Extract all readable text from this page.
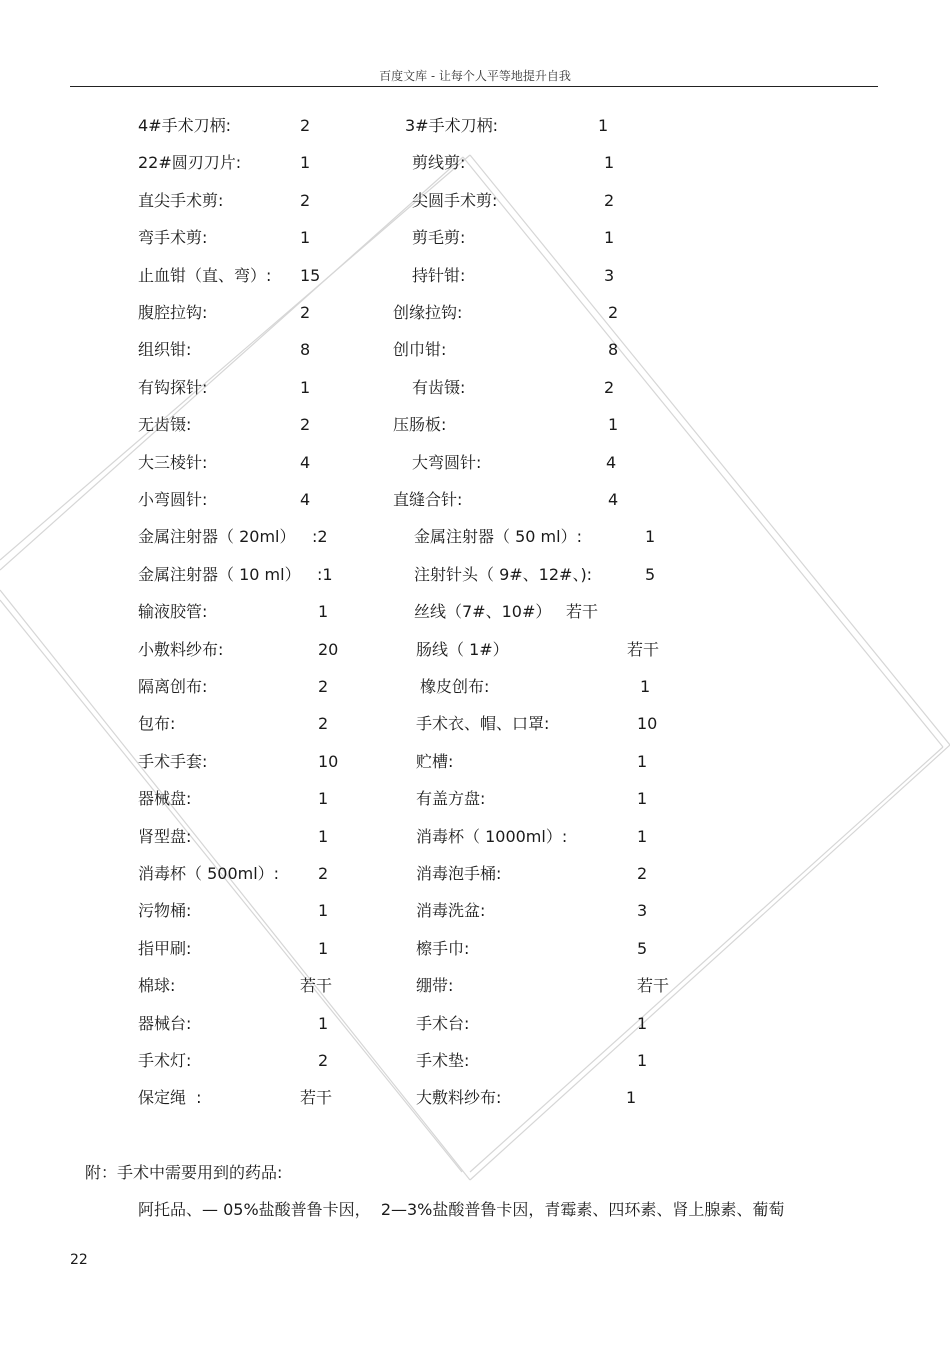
百度文库 - 让每个人平等地提升自我
4#手术刀柄:	2	3#手术刀柄:	1
22#圆刃刀片:	1	剪线剪:	1
直尖手术剪:	2	尖圆手术剪:	2
弯手术剪:	1	剪毛剪:	1
止血钳（直、弯）: 15	持针钳:	3
腹腔拉钩:	2	创缘拉钩:	2
组织钳:	8	创巾钳:	8
有钩探针:	1	有齿镊:	2
无齿镊:	2	压肠板:	1
大三棱针:	4	大弯圆针:	4
小弯圆针:	4	直缝合针:	4
金属注射器（ 20ml） :2	金属注射器（ 50 ml）:	1
金属注射器（ 10 ml） :1	注射针头（ 9#、12#、):	5
输液胶管:	1	丝线（7#、10#） 若干
小敷料纱布:	20	肠线（ 1#）	若干
隔离创布:	2	橡皮创布:	1
包布:	2	手术衣、帽、口罩:	10
手术手套:	10	贮槽:	1
器械盘:	1	有盖方盘:	1
肾型盘:	1	消毒杯（ 1000ml）:	1
消毒杯（ 500ml）: 2	消毒泡手桶:	2
污物桶:	1	消毒洗盆:	3
指甲刷:	1	檫手巾:	5
棉球:	若干	绷带:	若干
器械台:	1	手术台:	1
手术灯:	2	手术垫:	1
保定绳  :	若干	大敷料纱布:	1
附：手术中需要用到的药品:
阿托品、— 05%盐酸普鲁卡因，  2—3%盐酸普鲁卡因，青霉素、四环素、肾上腺素、葡萄
22
